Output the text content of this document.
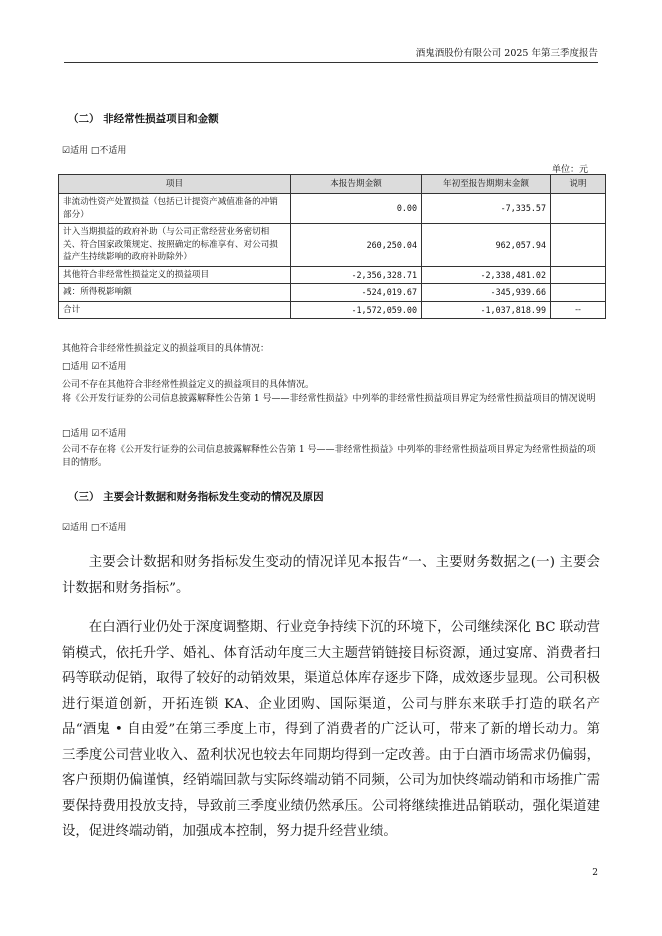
酒鬼酒股份有限公司 2025 年第三季度报告
（二） 非经常性损益项目和金额
☑适用 □不适用
单位：元
项目	本报告期金额	年初至报告期期末金额	说明
非流动性资产处置损益（包括已计提资产减值准备的冲销部分）	0.00	-7,335.57	
计入当期损益的政府补助（与公司正常经营业务密切相关、符合国家政策规定、按照确定的标准享有、对公司损益产生持续影响的政府补助除外）	260,250.04	962,057.94	
其他符合非经常性损益定义的损益项目	-2,356,328.71	-2,338,481.02	
减：所得税影响额	-524,019.67	-345,939.66	
合计	-1,572,059.00	-1,037,818.99	--
其他符合非经常性损益定义的损益项目的具体情况：
□适用 ☑不适用
公司不存在其他符合非经常性损益定义的损益项目的具体情况。
将《公开发行证券的公司信息披露解释性公告第 1 号——非经常性损益》中列举的非经常性损益项目界定为经常性损益项目的情况说明
□适用 ☑不适用
公司不存在将《公开发行证券的公司信息披露解释性公告第 1 号——非经常性损益》中列举的非经常性损益项目界定为经常性损益的项目的情形。
（三） 主要会计数据和财务指标发生变动的情况及原因
☑适用 □不适用
主要会计数据和财务指标发生变动的情况详见本报告“一、主要财务数据之(一) 主要会计数据和财务指标”。
在白酒行业仍处于深度调整期、行业竞争持续下沉的环境下，公司继续深化 BC 联动营销模式，依托升学、婚礼、体育活动年度三大主题营销链接目标资源，通过宴席、消费者扫码等联动促销，取得了较好的动销效果，渠道总体库存逐步下降，成效逐步显现。公司积极进行渠道创新，开拓连锁 KA、企业团购、国际渠道，公司与胖东来联手打造的联名产品“酒鬼 • 自由爱”在第三季度上市，得到了消费者的广泛认可，带来了新的增长动力。第三季度公司营业收入、盈利状况也较去年同期均得到一定改善。由于白酒市场需求仍偏弱，客户预期仍偏谨慎，经销端回款与实际终端动销不同频，公司为加快终端动销和市场推广需要保持费用投放支持，导致前三季度业绩仍然承压。公司将继续推进品销联动，强化渠道建设，促进终端动销，加强成本控制，努力提升经营业绩。
2
